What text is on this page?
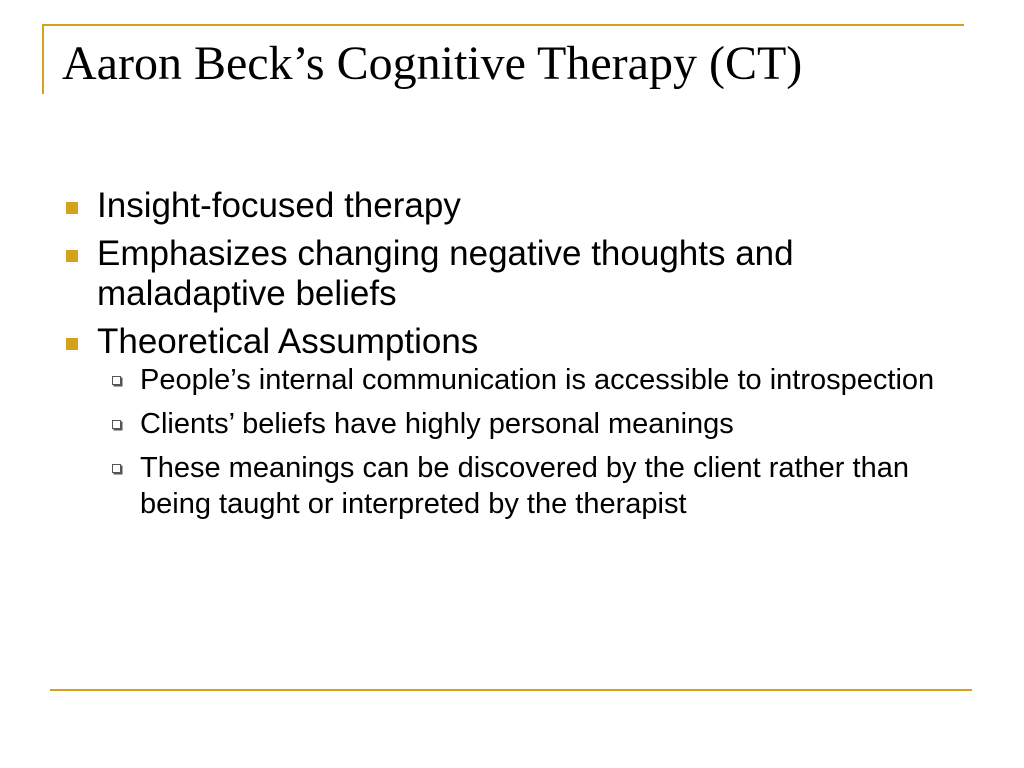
Aaron Beck’s Cognitive Therapy (CT)
Insight-focused therapy
Emphasizes changing negative thoughts and maladaptive beliefs
Theoretical Assumptions
People’s internal communication is accessible to introspection
Clients’ beliefs have highly personal meanings
These meanings can be discovered by the client rather than being taught or interpreted by the therapist
